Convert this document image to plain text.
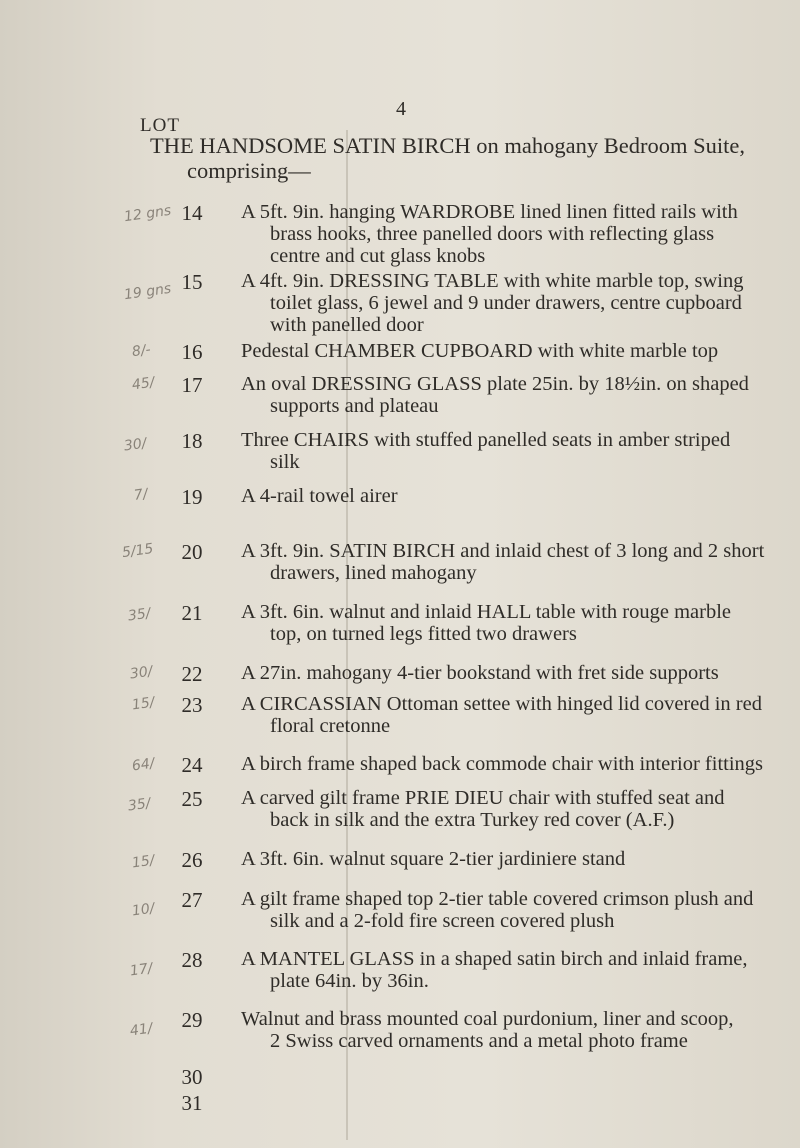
4
LOT
THE HANDSOME SATIN BIRCH on mahogany Bedroom Suite,
comprising—
12 gns 14	A 5ft. 9in. hanging WARDROBE lined linen fitted rails with
brass hooks, three panelled doors with reflecting glass
centre and cut glass knobs
19 gns 15	A 4ft. 9in. DRESSING TABLE with white marble top, swing
toilet glass, 6 jewel and 9 under drawers, centre cupboard
with panelled door
8/-	16	Pedestal CHAMBER CUPBOARD with white marble top
45/	17	An oval DRESSING GLASS plate 25in. by 18½in. on shaped
supports and plateau
30/	18	Three CHAIRS with stuffed panelled seats in amber striped
silk
7/	19	A 4-rail towel airer
5/15	20	A 3ft. 9in. SATIN BIRCH and inlaid chest of 3 long and 2 short
drawers, lined mahogany
35/	21	A 3ft. 6in. walnut and inlaid HALL table with rouge marble
top, on turned legs fitted two drawers
30/	22	A 27in. mahogany 4-tier bookstand with fret side supports
15/	23	A CIRCASSIAN Ottoman settee with hinged lid covered in red
floral cretonne
64/	24	A birch frame shaped back commode chair with interior fittings
35/	25	A carved gilt frame PRIE DIEU chair with stuffed seat and
back in silk and the extra Turkey red cover (A.F.)
15/	26	A 3ft. 6in. walnut square 2-tier jardiniere stand
10/	27	A gilt frame shaped top 2-tier table covered crimson plush and
silk and a 2-fold fire screen covered plush
17/	28	A MANTEL GLASS in a shaped satin birch and inlaid frame,
plate 64in. by 36in.
41/	29	Walnut and brass mounted coal purdonium, liner and scoop,
2 Swiss carved ornaments and a metal photo frame
30
31
